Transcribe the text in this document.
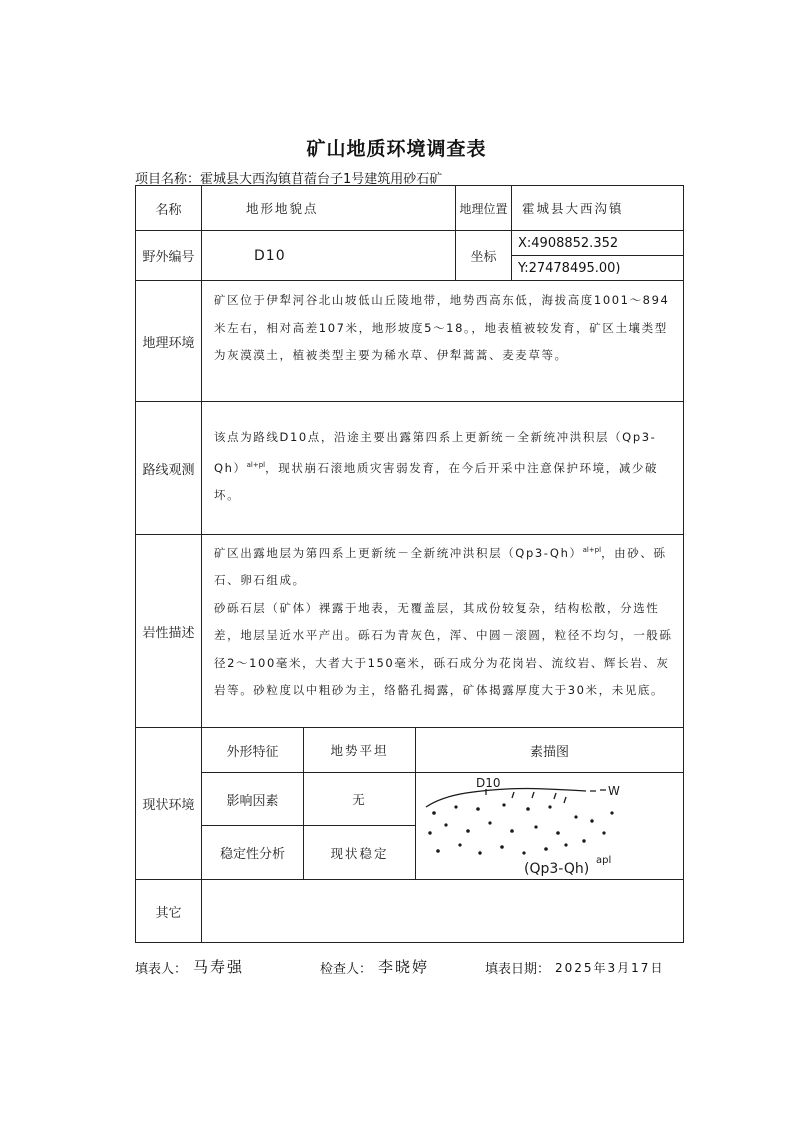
矿山地质环境调查表
项目名称：霍城县大西沟镇苜蓿台子1号建筑用砂石矿
名称	地形地貌点			地理位置	霍城县大西沟镇
野外编号	D10			坐标	X:4908852.352
					Y:27478495.00)
地理环境	矿区位于伊犁河谷北山坡低山丘陵地带，地势西高东低，海拔高度1001～894米左右，相对高差107米，地形坡度5～18。，地表植被较发育，矿区土壤类型为灰漠漠土，植被类型主要为稀水草、伊犁蒿蒿、麦麦草等。				
路线观测	该点为路线D10点，沿途主要出露第四系上更新统－全新统冲洪积层$(Qp3-Qh)^{al+pl}$，现状崩石滚地质灾害弱发育，在今后开采中注意保护环境，减少破坏。				
岩性描述	矿区出露地层为第四系上更新统－全新统冲洪积层$(Qp3-Qh)^{al+pl}$，由砂、砾石、卵石组成。
砂砾石层（矿体）裸露于地表，无覆盖层，其成份较复杂，结构松散，分选性差，地层呈近水平产出。砾石为青灰色，浑、中圆－滚圆，粒径不均匀，一般砾径2～100毫米，大者大于150毫米，砾石成分为花岗岩、流纹岩、辉长岩、灰岩等。砂粒度以中粗砂为主，络骼孔揭露，矿体揭露厚度大于30米，未见底。				

现状环境	外形特征	地势平坦	素描图		
	影响因素	无	D10
W
(Qp3-Qh)
apl		

	稳定性分析	现状稳定			
其它					
填表人： 马寿强	检查人： 李晓婷	填表日期： 2025年3月17日
